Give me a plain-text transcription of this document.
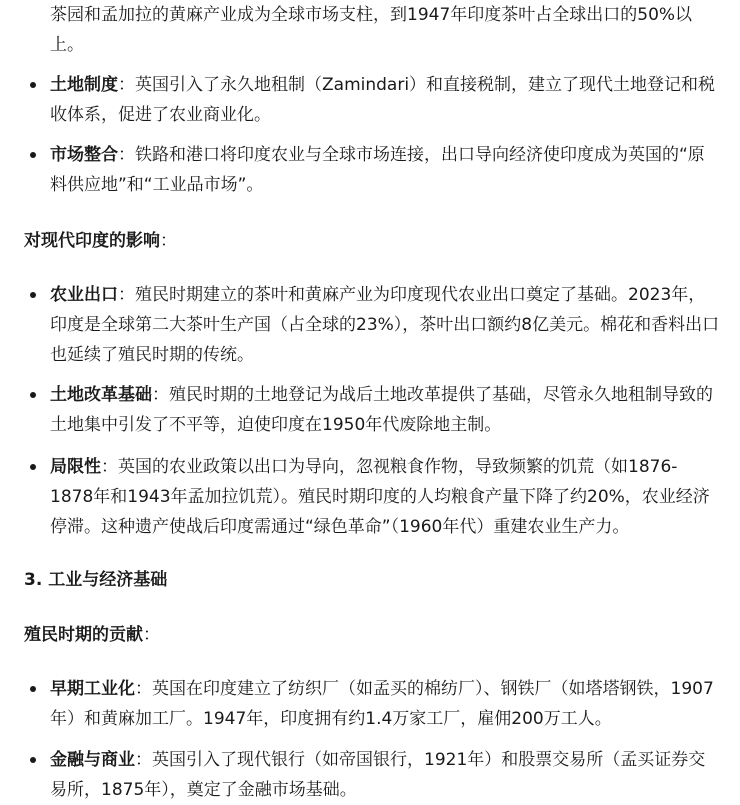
茶园和孟加拉的黄麻产业成为全球市场支柱，到1947年印度茶叶占全球出口的50%以上。
土地制度：英国引入了永久地租制（Zamindari）和直接税制，建立了现代土地登记和税收体系，促进了农业商业化。
市场整合：铁路和港口将印度农业与全球市场连接，出口导向经济使印度成为英国的“原料供应地”和“工业品市场”。
对现代印度的影响：
农业出口：殖民时期建立的茶叶和黄麻产业为印度现代农业出口奠定了基础。2023年，印度是全球第二大茶叶生产国（占全球的23%），茶叶出口额约8亿美元。棉花和香料出口也延续了殖民时期的传统。
土地改革基础：殖民时期的土地登记为战后土地改革提供了基础，尽管永久地租制导致的土地集中引发了不平等，迫使印度在1950年代废除地主制。
局限性：英国的农业政策以出口为导向，忽视粮食作物，导致频繁的饥荒（如1876-1878年和1943年孟加拉饥荒）。殖民时期印度的人均粮食产量下降了约20%，农业经济停滞。这种遗产使战后印度需通过“绿色革命”（1960年代）重建农业生产力。
3. 工业与经济基础
殖民时期的贡献：
早期工业化：英国在印度建立了纺织厂（如孟买的棉纺厂）、钢铁厂（如塔塔钢铁，1907年）和黄麻加工厂。1947年，印度拥有约1.4万家工厂，雇佣200万工人。
金融与商业：英国引入了现代银行（如帝国银行，1921年）和股票交易所（孟买证券交易所，1875年），奠定了金融市场基础。
